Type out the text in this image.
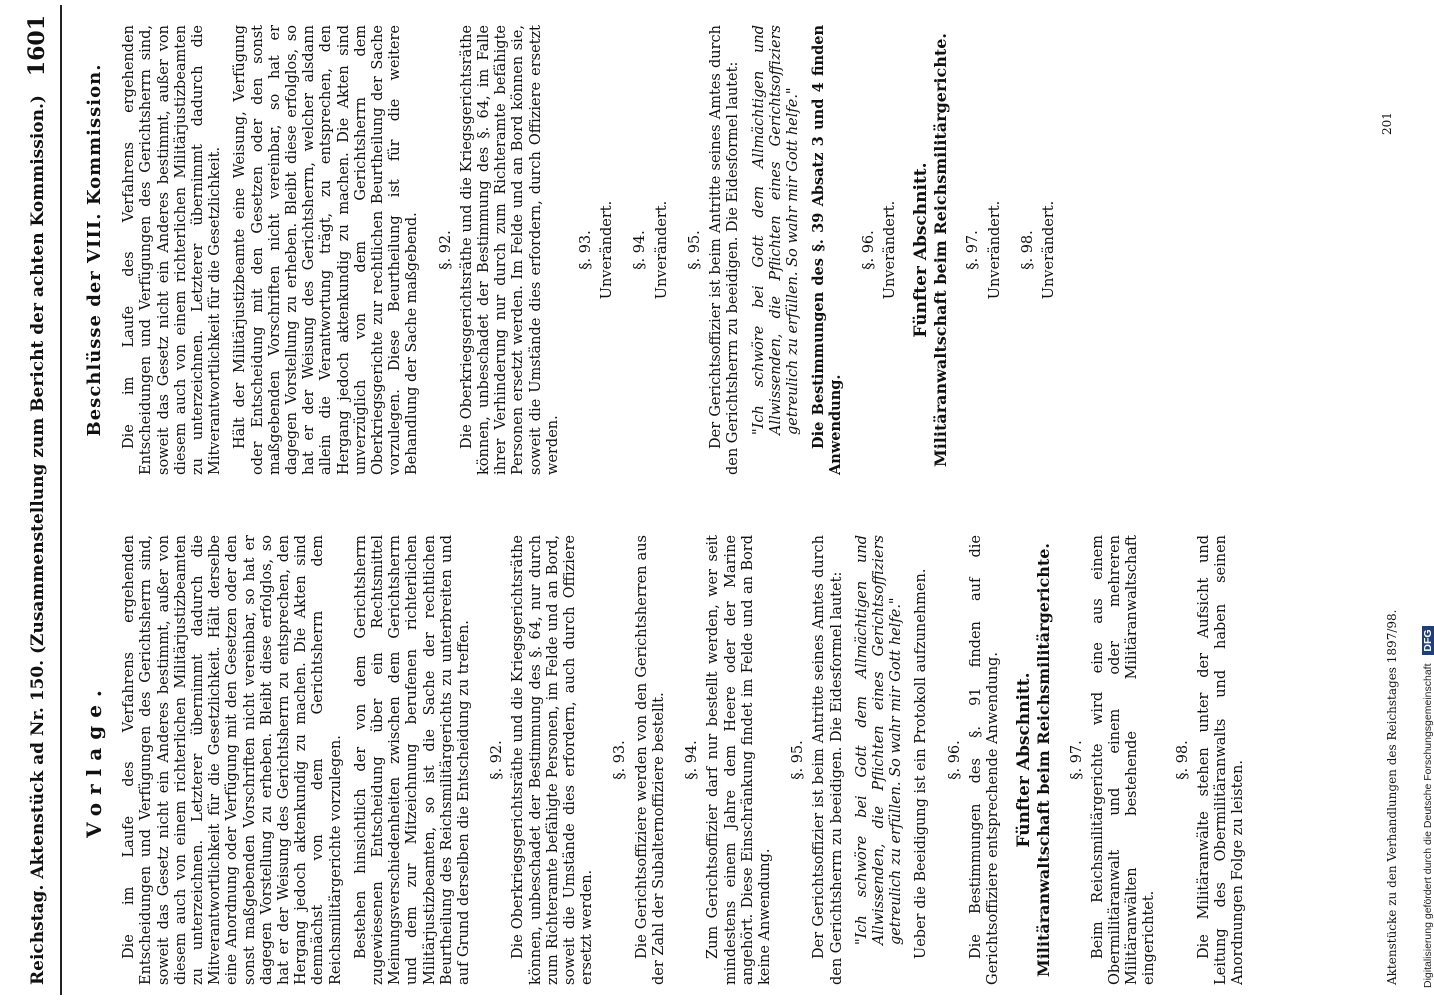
Reichstag. Aktenstück ad Nr. 150. (Zusammenstellung zum Bericht der achten Kommission.)
1601
Vorlage. Die im Laufe des Verfahrens ergehenden Entscheidungen und Verfügungen des Gerichtsherrn sind, soweit das Gesetz nicht ein Anderes bestimmt, außer von diesem auch von einem richterlichen Militärjustizbeamten zu unterzeichnen. Letzterer übernimmt dadurch die Mitverantwortlichkeit für die Gesetzlichkeit. Hält derselbe eine Anordnung oder Verfügung mit den Gesetzen oder den sonst maßgebenden Vorschriften nicht vereinbar, so hat er dagegen Vorstellung zu erheben. Bleibt diese erfolglos, so hat er der Weisung des Gerichtsherrn zu entsprechen, den Hergang jedoch aktenkundig zu machen. Die Akten sind demnächst von dem Gerichtsherrn dem Reichsmilitärgerichte vorzulegen. Bestehen hinsichtlich der von dem Gerichtsherrn zugewiesenen Entscheidung über ein Rechtsmittel Meinungsverschiedenheiten zwischen dem Gerichtsherrn und dem zur Mitzeichnung berufenen richterlichen Militärjustizbeamten, so ist die Sache der rechtlichen Beurtheilung des Reichsmilitärgerichts zu unterbreiten und auf Grund derselben die Entscheidung zu treffen. §. 92. Die Oberkriegsgerichtsräthe und die Kriegsgerichtsräthe können, unbeschadet der Bestimmung des §. 64, nur durch zum Richteramte befähigte Personen, im Felde und an Bord, soweit die Umstände dies erfordern, auch durch Offiziere ersetzt werden.

§. 93. Die Gerichtsoffiziere werden von den Gerichtsherren aus der Zahl der Subalternoffiziere bestellt. §. 94. Zum Gerichtsoffizier darf nur bestellt werden, wer seit mindestens einem Jahre dem Heere oder der Marine angehört. Diese Einschränkung findet im Felde und an Bord keine Anwendung.

§. 95. Der Gerichtsoffizier ist beim Antritte seines Amtes durch den Gerichtsherrn zu beeidigen. Die Eidesformel lautet: "Ich schwöre bei Gott dem Allmächtigen und Allwissenden, die Pflichten eines Gerichtsoffiziers getreulich zu erfüllen. So wahr mir Gott helfe." Ueber die Beeidigung ist ein Protokoll aufzunehmen. §. 96. Die Bestimmungen des §. 91 finden auf die Gerichtsoffiziere entsprechende Anwendung. Fünfter Abschnitt. Militäranwaltschaft beim Reichsmilitärgerichte. §. 97. Beim Reichsmilitärgerichte wird eine aus einem Obermilitäranwalt und einem oder mehreren Militäranwälten bestehende Militäranwaltschaft eingerichtet.

§. 98. Die Militäranwälte stehen unter der Aufsicht und Leitung des Obermilitäranwalts und haben seinen Anordnungen Folge zu leisten.

Beschlüsse der VIII. Kommission. Die im Laufe des Verfahrens ergehenden Entscheidungen und Verfügungen des Gerichtsherrn sind, soweit das Gesetz nicht ein Anderes bestimmt, außer von diesem auch von einem richterlichen Militärjustizbeamten zu unterzeichnen. Letzterer übernimmt dadurch die Mitverantwortlichkeit für die Gesetzlichkeit. Hält der Militärjustizbeamte eine Weisung, Verfügung oder Entscheidung mit den Gesetzen oder den sonst maßgebenden Vorschriften nicht vereinbar, so hat er dagegen Vorstellung zu erheben. Bleibt diese erfolglos, so hat er der Weisung des Gerichtsherrn, welcher alsdann allein die Verantwortung trägt, zu entsprechen, den Hergang jedoch aktenkundig zu machen. Die Akten sind unverzüglich von dem Gerichtsherrn dem Oberkriegsgerichte zur rechtlichen Beurtheilung der Sache vorzulegen. Diese Beurtheilung ist für die weitere Behandlung der Sache maßgebend. §. 92. Die Oberkriegsgerichtsräthe und die Kriegsgerichtsräthe können, unbeschadet der Bestimmung des §. 64, im Falle ihrer Verhinderung nur durch zum Richteramte befähigte Personen ersetzt werden. Im Felde und an Bord können sie, soweit die Umstände dies erfordern, durch Offiziere ersetzt werden.

§. 93. Unverändert. §. 94. Unverändert. §. 95. Der Gerichtsoffizier ist beim Antritte seines Amtes durch den Gerichtsherrn zu beeidigen. Die Eidesformel lautet: "Ich schwöre bei Gott dem Allmächtigen und Allwissenden, die Pflichten eines Gerichtsoffiziers getreulich zu erfüllen. So wahr mir Gott helfe." Die Bestimmungen des §. 39 Absatz 3 und 4 finden Anwendung.

§. 96. Unverändert. Fünfter Abschnitt. Militäranwaltschaft beim Reichsmilitärgerichte. §. 97. Unverändert. §. 98. Unverändert.
Aktenstücke zu den Verhandlungen des Reichstages 1897/98.
201
Digitalisierung gefördert durch die Deutsche Forschungsgemeinschaft DFG
